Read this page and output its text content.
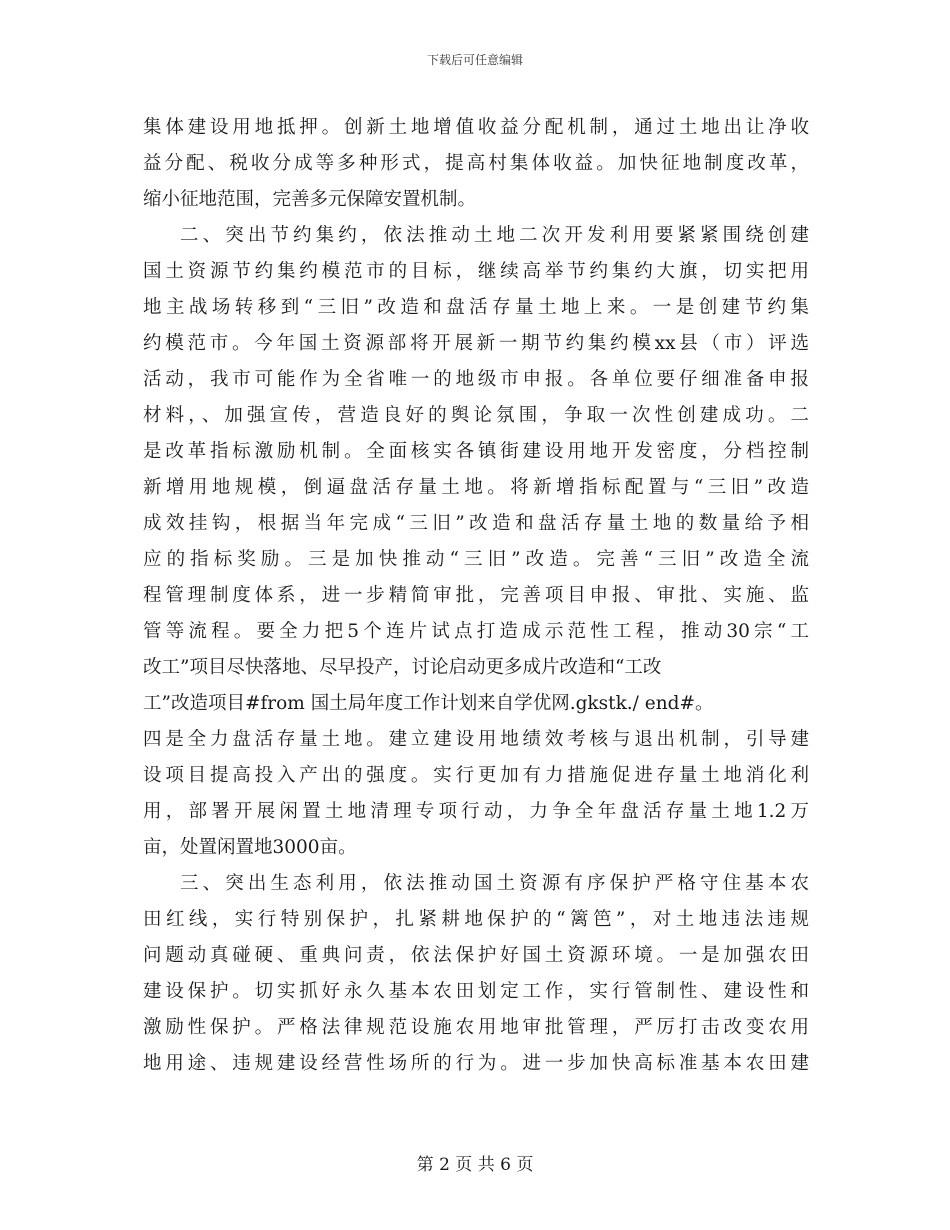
下载后可任意编辑
集体建设用地抵押。创新土地增值收益分配机制，通过土地出让净收
益分配、税收分成等多种形式，提高村集体收益。加快征地制度改革，
缩小征地范围，完善多元保障安置机制。
二、突出节约集约，依法推动土地二次开发利用要紧紧围绕创建
国土资源节约集约模范市的目标，继续高举节约集约大旗，切实把用
地主战场转移到“三旧”改造和盘活存量土地上来。一是创建节约集
约模范市。今年国土资源部将开展新一期节约集约模xx县（市）评选
活动，我市可能作为全省唯一的地级市申报。各单位要仔细准备申报
材料，、加强宣传，营造良好的舆论氛围，争取一次性创建成功。二
是改革指标激励机制。全面核实各镇街建设用地开发密度，分档控制
新增用地规模，倒逼盘活存量土地。将新增指标配置与“三旧”改造
成效挂钩，根据当年完成“三旧”改造和盘活存量土地的数量给予相
应的指标奖励。三是加快推动“三旧”改造。完善“三旧”改造全流
程管理制度体系，进一步精简审批，完善项目申报、审批、实施、监
管等流程。要全力把5个连片试点打造成示范性工程，推动30宗“工
改工”项目尽快落地、尽早投产，讨论启动更多成片改造和“工改
工”改造项目#from 国土局年度工作计划来自学优网.gkstk./ end#。
四是全力盘活存量土地。建立建设用地绩效考核与退出机制，引导建
设项目提高投入产出的强度。实行更加有力措施促进存量土地消化利
用，部署开展闲置土地清理专项行动，力争全年盘活存量土地1.2万
亩，处置闲置地3000亩。
三、突出生态利用，依法推动国土资源有序保护严格守住基本农
田红线，实行特别保护，扎紧耕地保护的“篱笆”，对土地违法违规
问题动真碰硬、重典问责，依法保护好国土资源环境。一是加强农田
建设保护。切实抓好永久基本农田划定工作，实行管制性、建设性和
激励性保护。严格法律规范设施农用地审批管理，严厉打击改变农用
地用途、违规建设经营性场所的行为。进一步加快高标准基本农田建
第 2 页 共 6 页
